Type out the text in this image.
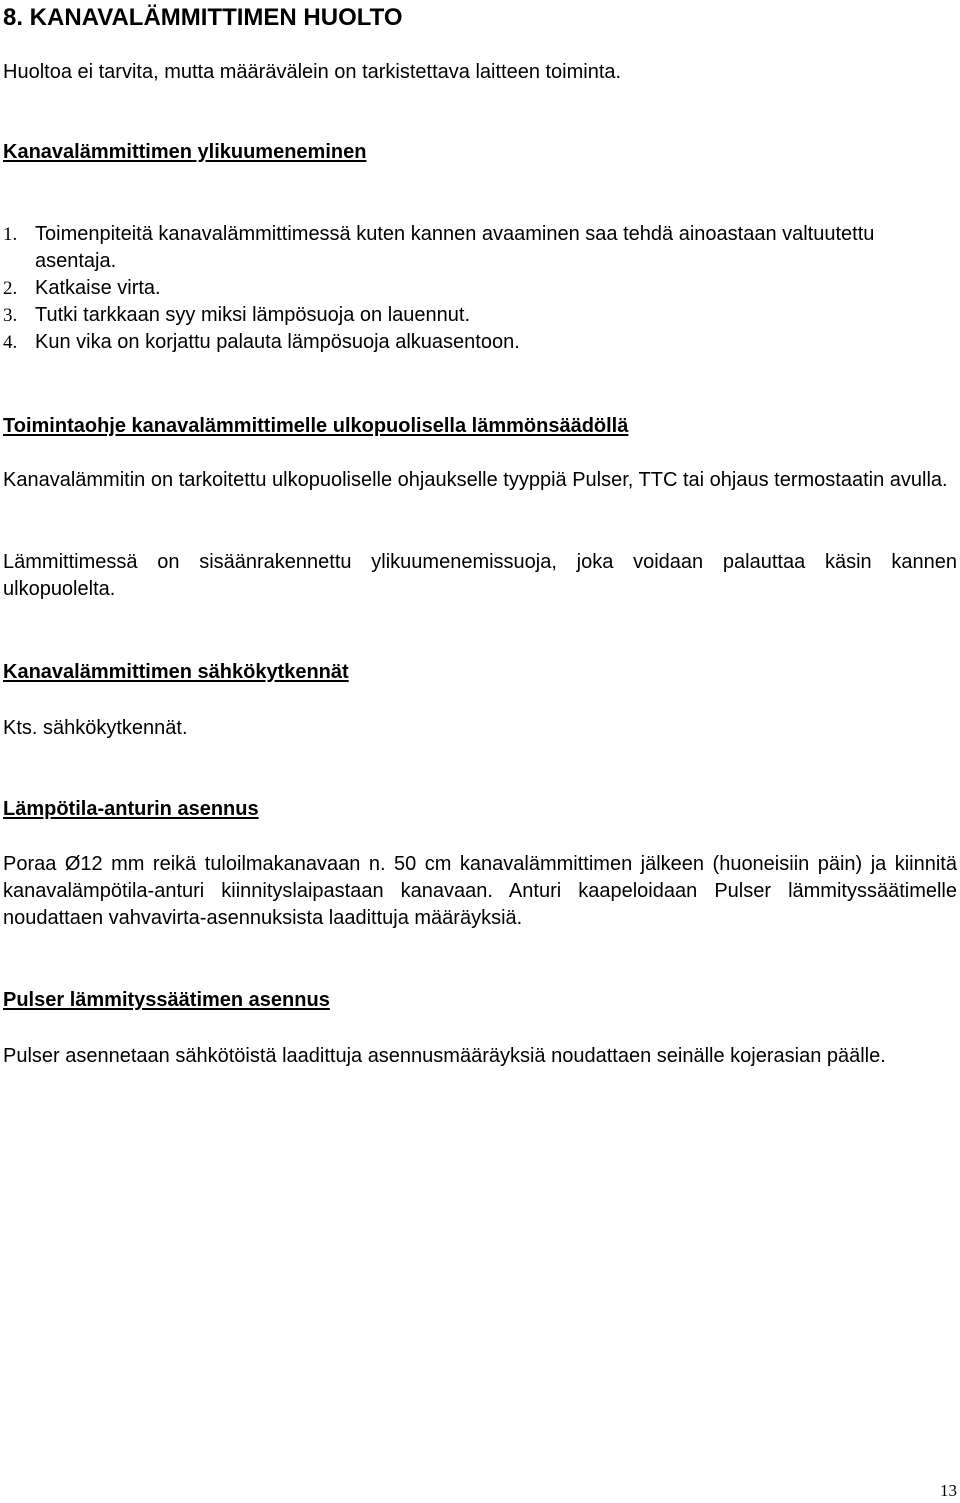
8. KANAVALÄMMITTIMEN HUOLTO

Huoltoa ei tarvita, mutta määrävälein on tarkistettava laitteen toiminta.

Kanavalämmittimen ylikuumeneminen
1. Toimenpiteitä kanavalämmittimessä kuten kannen avaaminen saa tehdä ainoastaan valtuutettu asentaja.
2. Katkaise virta.
3. Tutki tarkkaan syy miksi lämpösuoja on lauennut.
4. Kun vika on korjattu palauta lämpösuoja alkuasentoon.
Toimintaohje kanavalämmittimelle ulkopuolisella lämmönsäädöllä

Kanavalämmitin on tarkoitettu ulkopuoliselle ohjaukselle tyyppiä Pulser, TTC tai ohjaus termostaatin avulla.

Lämmittimessä on sisäänrakennettu ylikuumenemissuoja, joka voidaan palauttaa käsin kannen ulkopuolelta.

Kanavalämmittimen sähkökytkennät

Kts. sähkökytkennät.

Lämpötila-anturin asennus

Poraa Ø12 mm reikä tuloilmakanavaan n. 50 cm kanavalämmittimen jälkeen (huoneisiin päin) ja kiinnitä kanavalämpötila-anturi kiinnityslaipastaan kanavaan. Anturi kaapeloidaan Pulser lämmityssäätimelle noudattaen vahvavirta-asennuksista laadittuja määräyksiä.

Pulser lämmityssäätimen asennus

Pulser asennetaan sähkötöistä laadittuja asennusmääräyksiä noudattaen seinälle kojerasian päälle.

13
